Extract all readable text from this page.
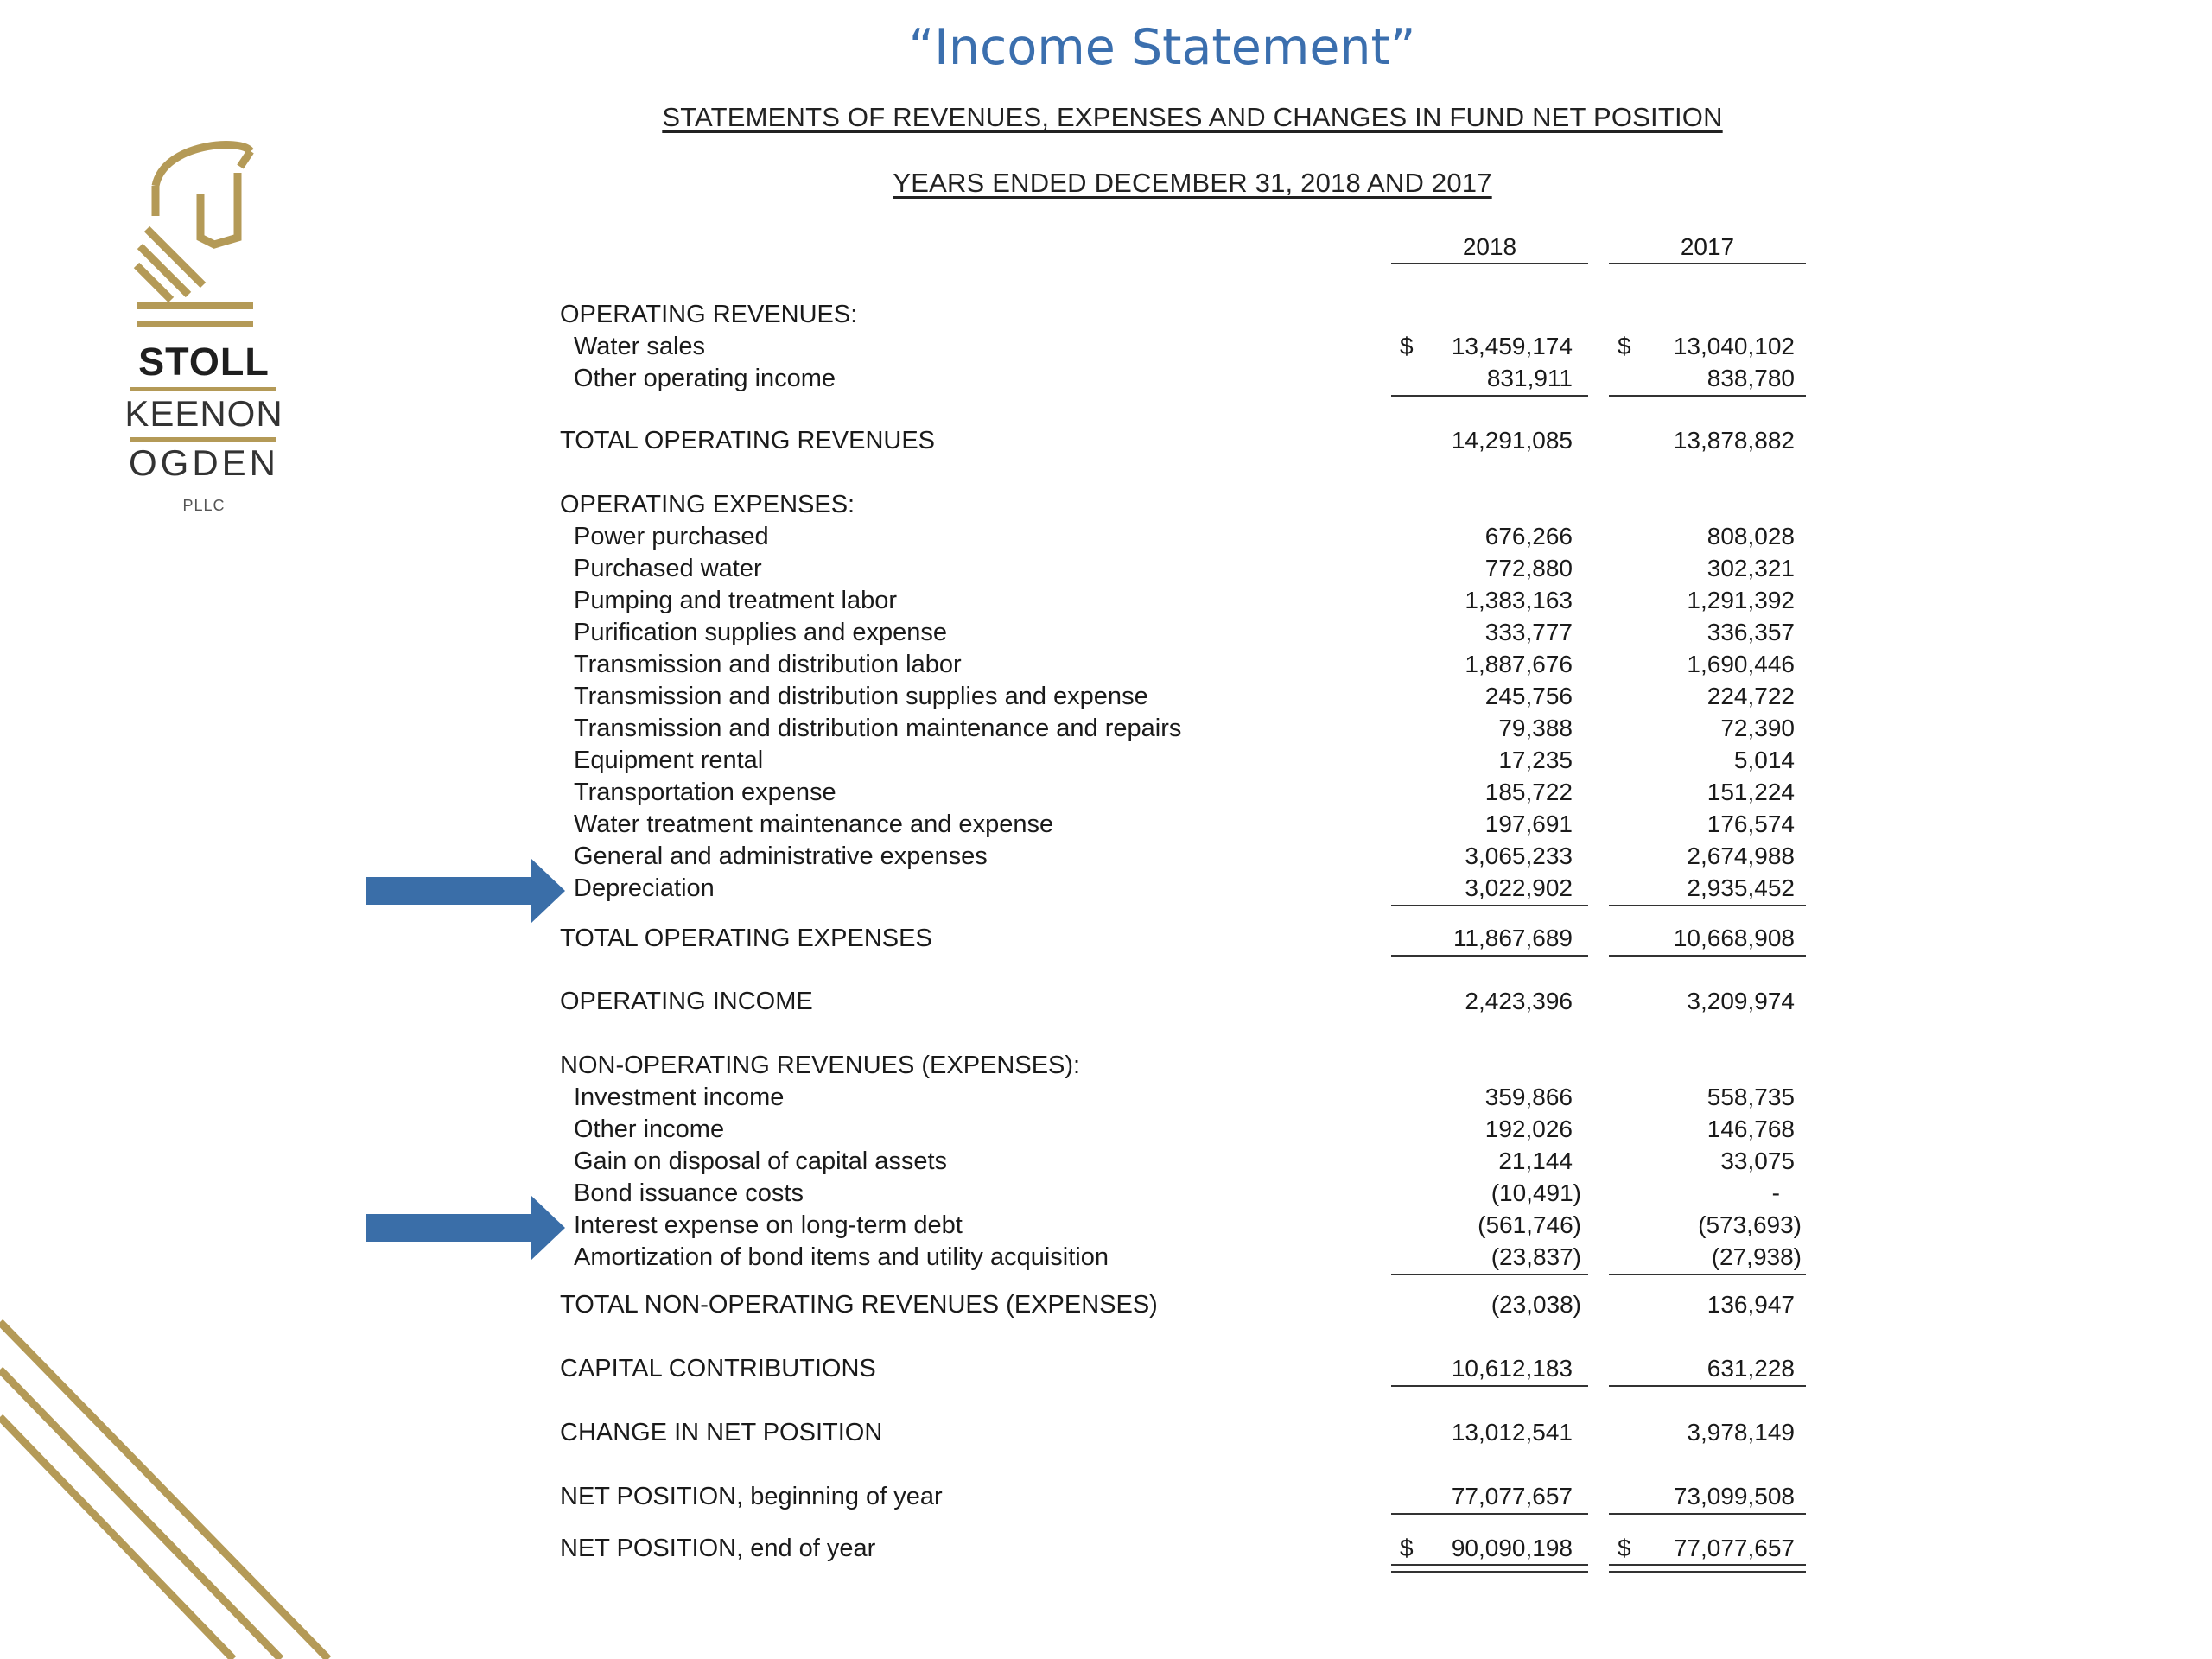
“Income Statement”
STATEMENTS OF REVENUES, EXPENSES AND CHANGES IN FUND NET POSITION
YEARS ENDED DECEMBER 31, 2018 AND 2017
STOLL
KEENON
OGDEN
PLLC
2018	2017
OPERATING REVENUES:
Water sales	$ 13,459,174 $ 13,040,102
Other operating income	831,911	838,780
TOTAL OPERATING REVENUES	14,291,085	13,878,882
OPERATING EXPENSES:
Power purchased	676,266	808,028
Purchased water	772,880	302,321
Pumping and treatment labor	1,383,163	1,291,392
Purification supplies and expense	333,777	336,357
Transmission and distribution labor	1,887,676	1,690,446
Transmission and distribution supplies and expense	245,756	224,722
Transmission and distribution maintenance and repairs	79,388	72,390
Equipment rental	17,235	5,014
Transportation expense	185,722	151,224
Water treatment maintenance and expense	197,691	176,574
General and administrative expenses	3,065,233	2,674,988
Depreciation	3,022,902	2,935,452
TOTAL OPERATING EXPENSES	11,867,689	10,668,908
OPERATING INCOME	2,423,396	3,209,974
NON-OPERATING REVENUES (EXPENSES):
Investment income	359,866	558,735
Other income	192,026	146,768
Gain on disposal of capital assets	21,144	33,075
Bond issuance costs	(10,491)	-
Interest expense on long-term debt	(561,746)	(573,693)
Amortization of bond items and utility acquisition	(23,837)	(27,938)
TOTAL NON-OPERATING REVENUES (EXPENSES)	(23,038)	136,947
CAPITAL CONTRIBUTIONS	10,612,183	631,228
CHANGE IN NET POSITION	13,012,541	3,978,149
NET POSITION, beginning of year	77,077,657	73,099,508
NET POSITION, end of year	$ 90,090,198 $ 77,077,657
